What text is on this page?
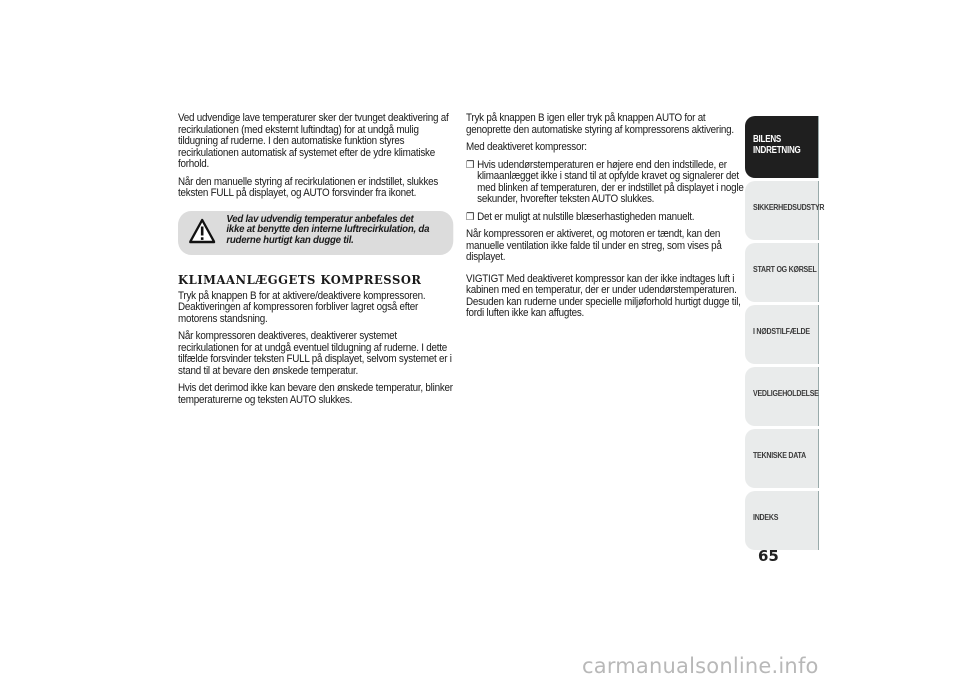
Ved udvendige lave temperaturer sker der tvunget deaktivering af recirkulationen (med eksternt luftindtag) for at undgå mulig tildugning af ruderne. I den automatiske funktion styres recirkulationen automatisk af systemet efter de ydre klimatiske forhold.

Når den manuelle styring af recirkulationen er indstillet, slukkes teksten FULL på displayet, og AUTO forsvinder fra ikonet.

Ved lav udvendig temperatur anbefales det ikke at benytte den interne luftrecirkulation, da ruderne hurtigt kan dugge til.
KLIMAANLÆGGETS KOMPRESSOR

Tryk på knappen B for at aktivere/deaktivere kompressoren. Deaktiveringen af kompressoren forbliver lagret også efter motorens standsning.

Når kompressoren deaktiveres, deaktiverer systemet recirkulationen for at undgå eventuel tildugning af ruderne. I dette tilfælde forsvinder teksten FULL på displayet, selvom systemet er i stand til at bevare den ønskede temperatur.

Hvis det derimod ikke kan bevare den ønskede temperatur, blinker temperaturerne og teksten AUTO slukkes.

Tryk på knappen B igen eller tryk på knappen AUTO for at genoprette den automatiske styring af kompressorens aktivering.

Med deaktiveret kompressor:

❒ Hvis udendørstemperaturen er højere end den indstillede, er klimaanlægget ikke i stand til at opfylde kravet og signalerer det med blinken af temperaturen, der er indstillet på displayet i nogle sekunder, hvorefter teksten AUTO slukkes.
❒ Det er muligt at nulstille blæserhastigheden manuelt.

Når kompressoren er aktiveret, og motoren er tændt, kan den manuelle ventilation ikke falde til under en streg, som vises på displayet.

VIGTIGT Med deaktiveret kompressor kan der ikke indtages luft i kabinen med en temperatur, der er under udendørstemperaturen. Desuden kan ruderne under specielle miljøforhold hurtigt dugge til, fordi luften ikke kan affugtes.

BILENS INDRETNING
SIKKERHEDSUDSTYR
START OG KØRSEL
I NØDSTILFÆLDE
VEDLIGEHOLDELSE
TEKNISKE DATA
INDEKS
65
carmanualsonline.info
